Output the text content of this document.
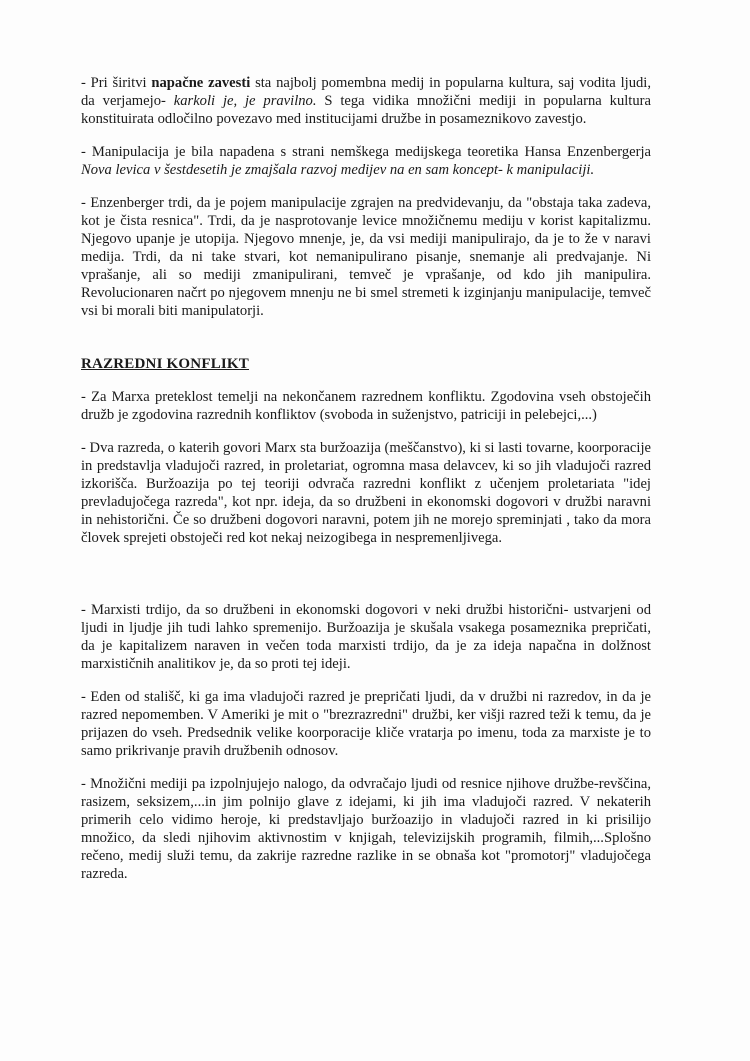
- Pri širitvi napačne zavesti sta najbolj pomembna medij in popularna kultura, saj vodita ljudi, da verjamejo- karkoli je, je pravilno. S tega vidika množični mediji in popularna kultura konstituirata odločilno povezavo med institucijami družbe in posameznikovo zavestjo.

- Manipulacija je bila napadena s strani nemškega medijskega teoretika Hansa Enzenbergerja Nova levica v šestdesetih je zmajšala razvoj medijev na en sam koncept- k manipulaciji.

- Enzenberger trdi, da je pojem manipulacije zgrajen na predvidevanju, da "obstaja taka zadeva, kot je čista resnica". Trdi, da je nasprotovanje levice množičnemu mediju v korist kapitalizmu. Njegovo upanje je utopija. Njegovo mnenje, je, da vsi mediji manipulirajo, da je to že v naravi medija. Trdi, da ni take stvari, kot nemanipulirano pisanje, snemanje ali predvajanje. Ni vprašanje, ali so mediji zmanipulirani, temveč je vprašanje, od kdo jih manipulira. Revolucionaren načrt po njegovem mnenju ne bi smel stremeti k izginjanju manipulacije, temveč vsi bi morali biti manipulatorji.

RAZREDNI KONFLIKT

- Za Marxa preteklost temelji na nekončanem razrednem konfliktu. Zgodovina vseh obstoječih družb je zgodovina razrednih konfliktov (svoboda in suženjstvo, patriciji in pelebejci,...)

- Dva razreda, o katerih govori Marx sta buržoazija (meščanstvo), ki si lasti tovarne, koorporacije in predstavlja vladujoči razred, in proletariat, ogromna masa delavcev, ki so jih vladujoči razred izkorišča. Buržoazija po tej teoriji odvrača razredni konflikt z učenjem proletariata "idej prevladujočega razreda", kot npr. ideja, da so družbeni in ekonomski dogovori v družbi naravni in nehistorični. Če so družbeni dogovori naravni, potem jih ne morejo spreminjati , tako da mora človek sprejeti obstoječi red kot nekaj neizogibega in nespremenljivega.

- Marxisti trdijo, da so družbeni in ekonomski dogovori v neki družbi historični- ustvarjeni od ljudi in ljudje jih tudi lahko spremenijo. Buržoazija je skušala vsakega posameznika prepričati, da je kapitalizem naraven in večen toda marxisti trdijo, da je za ideja napačna in dolžnost marxističnih analitikov je, da so proti tej ideji.

- Eden od stališč, ki ga ima vladujoči razred je prepričati ljudi, da v družbi ni razredov, in da je razred nepomemben. V Ameriki je mit o "brezrazredni" družbi, ker višji razred teži k temu, da je prijazen do vseh. Predsednik velike koorporacije kliče vratarja po imenu, toda za marxiste je to samo prikrivanje pravih družbenih odnosov.

- Množični mediji pa izpolnjujejo nalogo, da odvračajo ljudi od resnice njihove družbe-revščina, rasizem, seksizem,...in jim polnijo glave z idejami, ki jih ima vladujoči razred. V nekaterih primerih celo vidimo heroje, ki predstavljajo buržoazijo in vladujoči razred in ki prisilijo množico, da sledi njihovim aktivnostim v knjigah, televizijskih programih, filmih,...Splošno rečeno, medij služi temu, da zakrije razredne razlike in se obnaša kot "promotorj" vladujočega razreda.
